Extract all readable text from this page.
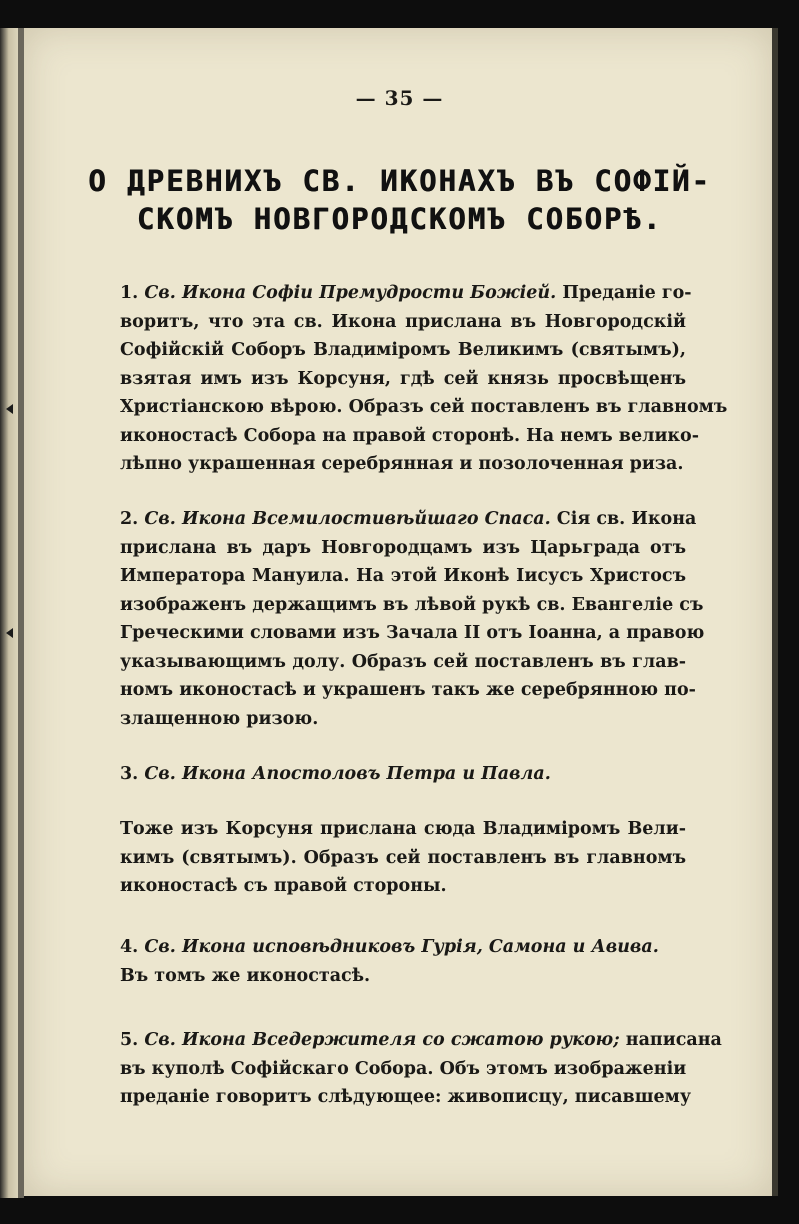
— 35 —
О ДРЕВНИХЪ СВ. ИКОНАХЪ ВЪ СОФІЙ-
СКОМЪ НОВГОРОДСКОМЪ СОБОРѢ.
1. Св. Икона Софіи Премудрости Божіей. Преданіе го-
воритъ, что эта св. Икона прислана въ Новгородскій
Софійскій Соборъ Владиміромъ Великимъ (святымъ),
взятая имъ изъ Корсуня, гдѣ сей князь просвѣщенъ
Христіанскою вѣрою. Образъ сей поставленъ въ главномъ
иконостасѣ Собора на правой сторонѣ. На немъ велико-
лѣпно украшенная серебрянная и позолоченная риза.
2. Св. Икона Всемилостивѣйшаго Спаса. Сія св. Икона
прислана въ даръ Новгородцамъ изъ Царьграда отъ
Императора Мануила. На этой Иконѣ Іисусъ Христосъ
изображенъ держащимъ въ лѣвой рукѣ св. Евангеліе съ
Греческими словами изъ Зачала II отъ Іоанна, а правою
указывающимъ долу. Образъ сей поставленъ въ глав-
номъ иконостасѣ и украшенъ такъ же серебрянною по-
злащенною ризою.
3. Св. Икона Апостоловъ Петра и Павла.
Тоже изъ Корсуня прислана сюда Владиміромъ Вели-
кимъ (святымъ). Образъ сей поставленъ въ главномъ
иконостасѣ съ правой стороны.
4. Св. Икона исповѣдниковъ Гурія, Самона и Авива.
Въ томъ же иконостасѣ.
5. Св. Икона Вседержителя со сжатою рукою; написана
въ куполѣ Софійскаго Собора. Объ этомъ изображеніи
преданіе говоритъ слѣдующее: живописцу, писавшему
